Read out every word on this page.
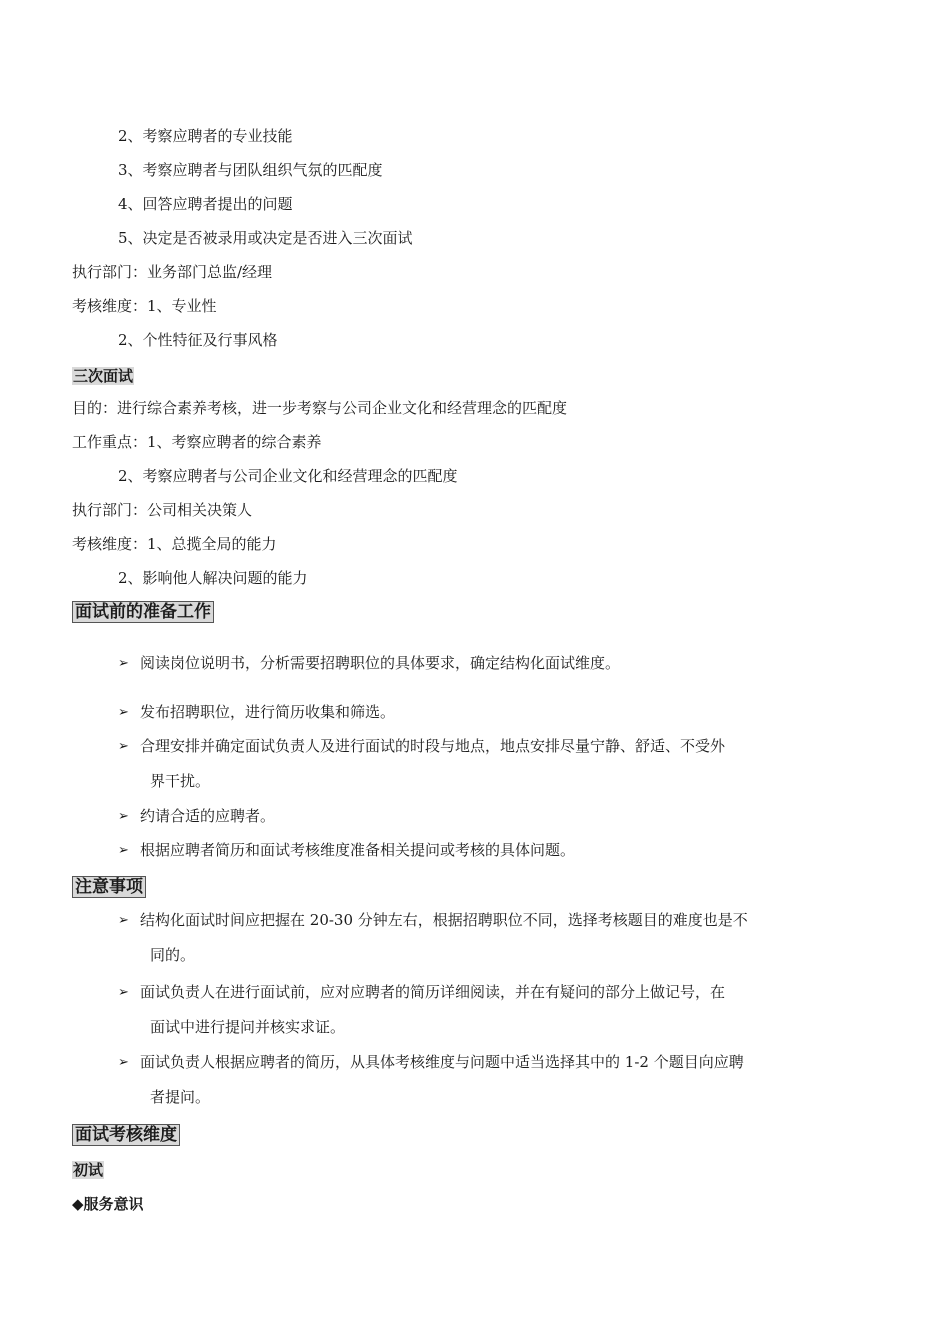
2、考察应聘者的专业技能
3、考察应聘者与团队组织气氛的匹配度
4、回答应聘者提出的问题
5、决定是否被录用或决定是否进入三次面试
执行部门：业务部门总监/经理
考核维度：1、专业性
2、个性特征及行事风格
三次面试
目的：进行综合素养考核，进一步考察与公司企业文化和经营理念的匹配度
工作重点：1、考察应聘者的综合素养
2、考察应聘者与公司企业文化和经营理念的匹配度
执行部门：公司相关决策人
考核维度：1、总揽全局的能力
2、影响他人解决问题的能力
面试前的准备工作
➢ 阅读岗位说明书，分析需要招聘职位的具体要求，确定结构化面试维度。
➢ 发布招聘职位，进行简历收集和筛选。
➢ 合理安排并确定面试负责人及进行面试的时段与地点，地点安排尽量宁静、舒适、不受外
界干扰。
➢ 约请合适的应聘者。
➢ 根据应聘者简历和面试考核维度准备相关提问或考核的具体问题。
注意事项
➢ 结构化面试时间应把握在 20-30 分钟左右，根据招聘职位不同，选择考核题目的难度也是不
同的。
➢ 面试负责人在进行面试前，应对应聘者的简历详细阅读，并在有疑问的部分上做记号，在
面试中进行提问并核实求证。
➢ 面试负责人根据应聘者的简历，从具体考核维度与问题中适当选择其中的 1-2 个题目向应聘
者提问。
面试考核维度
初试
◆服务意识
